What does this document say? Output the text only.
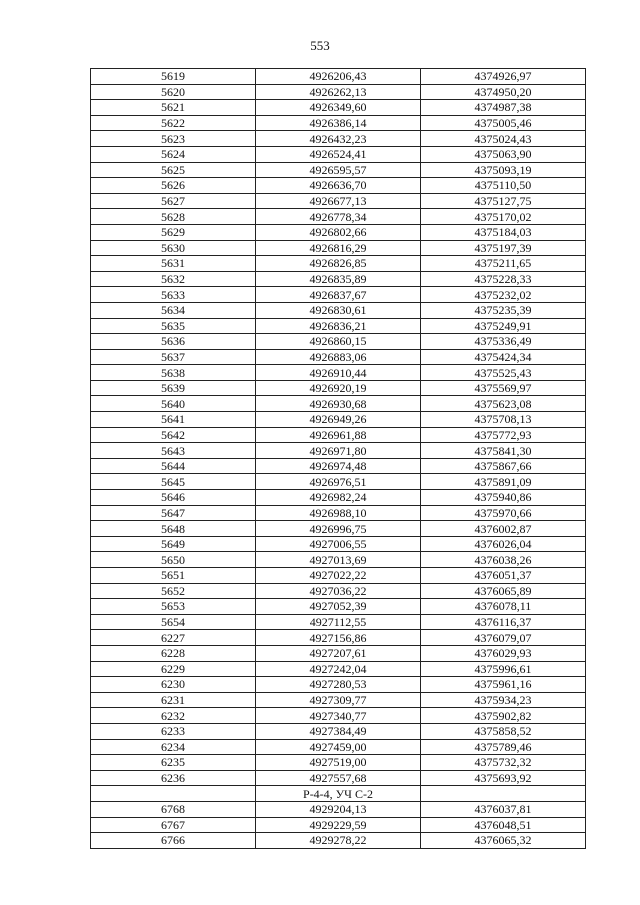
553
5619	4926206,43	4374926,97
5620	4926262,13	4374950,20
5621	4926349,60	4374987,38
5622	4926386,14	4375005,46
5623	4926432,23	4375024,43
5624	4926524,41	4375063,90
5625	4926595,57	4375093,19
5626	4926636,70	4375110,50
5627	4926677,13	4375127,75
5628	4926778,34	4375170,02
5629	4926802,66	4375184,03
5630	4926816,29	4375197,39
5631	4926826,85	4375211,65
5632	4926835,89	4375228,33
5633	4926837,67	4375232,02
5634	4926830,61	4375235,39
5635	4926836,21	4375249,91
5636	4926860,15	4375336,49
5637	4926883,06	4375424,34
5638	4926910,44	4375525,43
5639	4926920,19	4375569,97
5640	4926930,68	4375623,08
5641	4926949,26	4375708,13
5642	4926961,88	4375772,93
5643	4926971,80	4375841,30
5644	4926974,48	4375867,66
5645	4926976,51	4375891,09
5646	4926982,24	4375940,86
5647	4926988,10	4375970,66
5648	4926996,75	4376002,87
5649	4927006,55	4376026,04
5650	4927013,69	4376038,26
5651	4927022,22	4376051,37
5652	4927036,22	4376065,89
5653	4927052,39	4376078,11
5654	4927112,55	4376116,37
6227	4927156,86	4376079,07
6228	4927207,61	4376029,93
6229	4927242,04	4375996,61
6230	4927280,53	4375961,16
6231	4927309,77	4375934,23
6232	4927340,77	4375902,82
6233	4927384,49	4375858,52
6234	4927459,00	4375789,46
6235	4927519,00	4375732,32
6236	4927557,68	4375693,92
	Р-4-4, УЧ С-2	
6768	4929204,13	4376037,81
6767	4929229,59	4376048,51
6766	4929278,22	4376065,32
